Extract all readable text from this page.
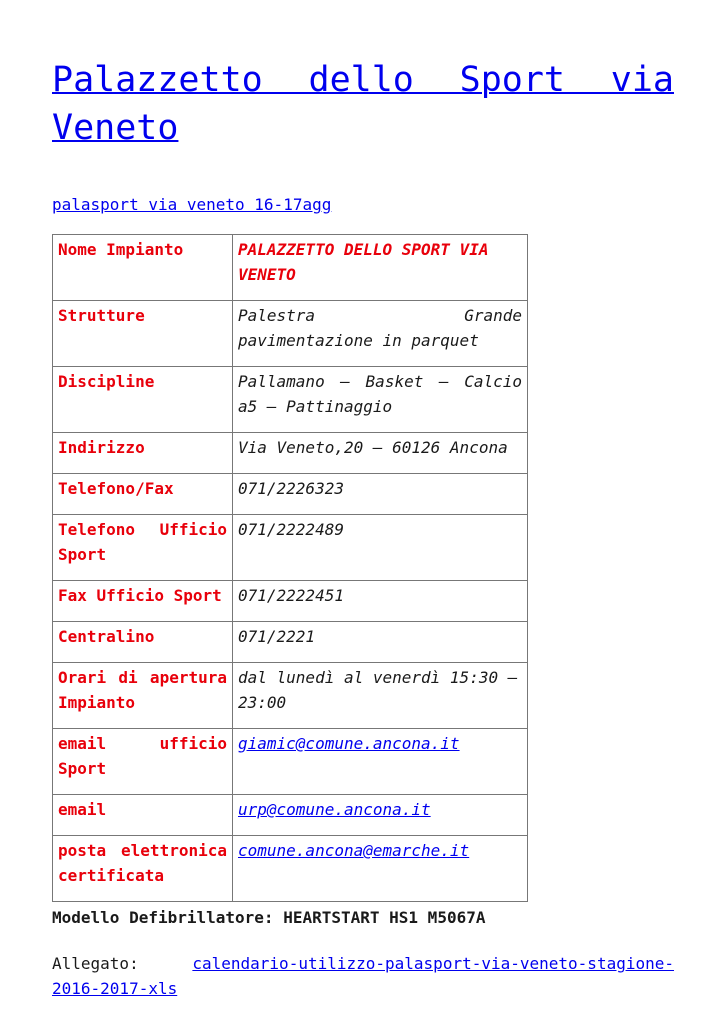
Palazzetto dello Sport via Veneto
palasport via veneto 16-17agg
Nome Impianto	PALAZZETTO DELLO SPORT VIA VENETO
Strutture	Palestra Grande pavimentazione in parquet
Discipline	Pallamano – Basket – Calcio a5 – Pattinaggio
Indirizzo	Via Veneto,20 – 60126 Ancona
Telefono/Fax	071/2226323
Telefono Ufficio Sport	071/2222489
Fax Ufficio Sport	071/2222451
Centralino	071/2221
Orari di apertura Impianto	dal lunedì al venerdì 15:30 – 23:00
email ufficio Sport	giamic@comune.ancona.it
email	urp@comune.ancona.it
posta elettronica certificata	comune.ancona@emarche.it

Modello Defibrillatore: HEARTSTART HS1 M5067A

Allegato:	calendario-utilizzo-palasport-via-veneto-stagione-2016-2017-xls
